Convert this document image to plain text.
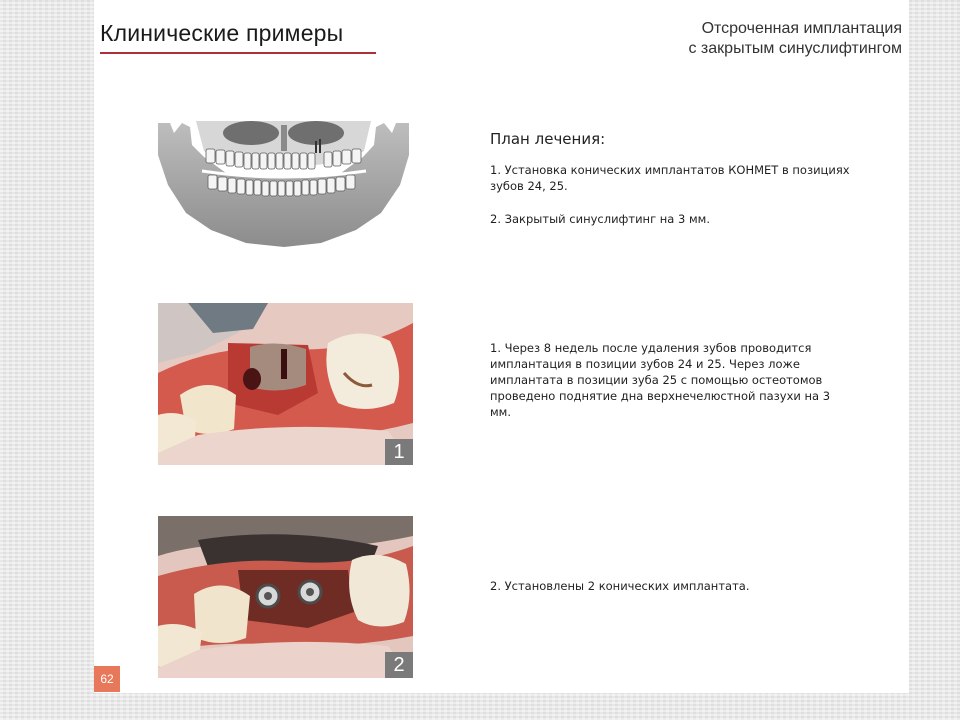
Клинические примеры	Отсроченная имплантация
с закрытым синуслифтингом

План лечения:

1. Установка конических имплантатов КОНМЕТ в позициях зубов 24, 25.

2. Закрытый синуслифтинг на 3 мм.

1

1. Через 8 недель после удаления зубов проводится имплантация в позиции зубов 24 и 25. Через ложе имплантата в позиции зуба 25 с помощью остеотомов проведено поднятие дна верхнечелюстной пазухи на 3 мм.

2

2. Установлены 2 конических имплантата.

62
